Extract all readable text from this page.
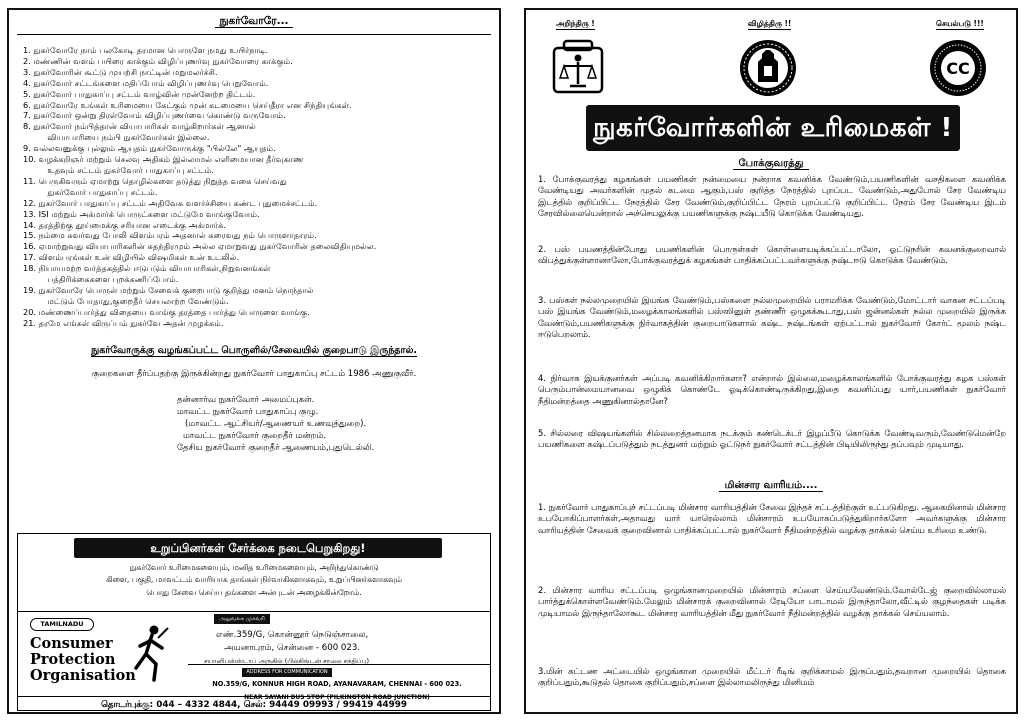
நுகர்வோரே...
1. நுகர்வோரே நாம் பலகோடி தரமான பொருளே நமது உயிர்நாடி.
2. மண்ணின் வளம் பயிரை காக்கும் விழிப்புணர்வு நுகர்வோரை காக்கும்.
3. நுகர்வோரின் கூட்டு முயற்சி நாட்டின் மறுமலர்ச்சி.
4. நுகர்வோர் சட்டங்களை மதிப்போம் விழிப்புணர்வு பெறுவோம்.
5. நுகர்வோர் பாதுகாப்பு சட்டம் வாழ்வின் முன்னேற்ற திட்டம்.
6. நுகர்வோரே உங்கள் உரிமையை கேட்கும் முன் கடமையை செய்தீரா என சிந்தியுங்கள்.
7. நுகர்வோர் ஒன்று திரள்வோம் விழிப்புணர்வை கொண்டு வருவோம்.
8. நுகர்வோர் நம்பித்தான் வியாபாரிகள் வாழ்கிறார்கள் ஆனால்
வியாபாரியை நம்பி நுகர்வோர்கள் இல்லை.
9. வல்லவனுக்கு புல்லும் ஆயுதம் நுகர்வோருக்கு "பில்லே" ஆயுதம்.
10. வழக்கறிஞர் மற்றும் செலவு அதிகம் இல்லாமல் எளிமையான தீர்வுகாண
உதவும் சட்டம் நுகர்வோர் பாதுகாப்பு சட்டம்.
11. பெருகிவரும் ஏமாற்று தொழில்களை தடுத்து நிறுத்த வகை செய்வது
நுகர்வோர் பாதுகாப்பு சட்டம்.
12. நுகர்வோர் பாதுகாப்பு சட்டம் அதிவேக வளர்ச்சியை கண்ட புதுமைச்சட்டம்.
13. ISI மற்றும் அக்மார்க் பொருட்களை மட்டுமே வாங்குவோம்.
14. தரத்திற்கு தூய்மைக்கு சரியான எடைக்கு அக்மார்க்.
15. நம்மை சுவர்வது போலி விளம்பரம் அதனால் சுரைவது நம் பொருளாதாரம்.
16. ஏமாற்றுவது வியாபாரிகளின் சுதந்திரமும் அல்ல ஏமாறுவது நுகர்வோரின் தலைவிதியுமல்ல.
17. விளம்பரங்கள் உன் விழியில் விஷமிகள் உன் உடலில்.
18. நியாயமற்ற வர்த்தகத்தில் ஈடுபடும் வியாபாரிகள்,நிறுவனங்கள்
பத்திரிக்கைகளை புறக்கணிப்போம்.
19. நுகர்வோரே பொருள் மற்றும் சேவைக் குறைபாடு குறித்து மனம் நொந்தால்
மட்டும் போதாது,குறைதீர் செயலாற்ற வேண்டும்.
20. மண்ணைப்பார்த்து விதையை வாங்கு தரத்தை பார்த்து பொருளை வாங்கு.
21. தரமே எங்கள் விருப்பம் நுகர்வே அதன் முழக்கம்.
நுகர்வோருக்கு வழங்கப்பட்ட பொருளில்/சேவையில் குறைபாடு இருந்தால்.
குறைகளை தீர்ப்பதற்கு இருக்கின்றது நுகர்வோர் பாதுகாப்பு சட்டம் 1986 அணுகுவீர்.
தன்னார்வ நுகர்வோர் அமைப்புகள்.
மாவட்ட நுகர்வோர் பாதுகாப்பு குழு.
(மாவட்ட ஆட்சியர்/ஆணையர் உணவுத்துறை).
மாவட்ட நுகர்வோர் குறைதீர் மன்றம்.
தேசிய நுகர்வோர் குறைதீர் ஆணையம்,புதுடெல்லி.
உறுப்பினர்கள் சேர்க்கை நடைபெறுகிறது!
நுகர்வோர் உரிமைகளையும், மனித உரிமைகளையும், அறிந்துகொண்டு
கிளை, பகுதி, மாவட்டம் வாரியாக தாங்கள் நிர்வாகிகளாகவும், உறுப்பினர்களாகவும்
பொது சேவை செய்ய தங்களை அன்புடன் அழைக்கின்றோம்.
TAMILNADU
Consumer
Protection
Organisation
அலுவலக முகவரி
எண்.359/G, கொன்னூர் நெடுஞ்சாலை,
அயனாபுரம், சென்னை - 600 023.
சயானிபஸ்ஸ்டாப் அருகில் (பில்கிங்டன் சாலை சந்திப்பு)
ADDRESS FOR COMMUNICATION
NO.359/G, KONNUR HIGH ROAD, AYANAVARAM, CHENNAI - 600 023.
NEAR SAYANI BUS STOP (PILKINGTON ROAD JUNCTION)
தொடர்புக்கு: 044 – 4332 4844, செல்: 94449 09993 / 99419 44999
அறிந்திரு !	விழித்திரு !!	செயல்படு !!!
CC
நுகர்வோர்களின் உரிமைகள் !
போக்குவரத்து

1. போக்குவரத்து கழகங்கள் பயணிகள் நன்மையை நன்றாக கவனிக்க வேண்டும்,பயணிகளின் வசதிகளை கவனிக்க வேண்டியது அவர்களின் முதல் கடமை ஆகும்,பஸ் குறித்த நேரத்தில் புறப்பட வேண்டும்,அதுபோல் சேர வேண்டிய இடத்தில் குறிப்பிட்ட நேரத்தில் சேர வேண்டும்,குறிப்பிட்ட நேரம் புறப்பட்டு குறிப்பிட்ட நேரம் சேர வேண்டிய இடம் சேரவில்லையென்றால் அச்செயலுக்கு பயணிகளுக்கு நஷ்டயீடு கொடுக்க வேண்டியது.

2. பஸ் பயணத்தின்போது பயணிகளின் பொருள்கள் கொள்ளையடிக்கப்பட்டாலோ, ஓட்டுநரின் கவனக்குறைவால் விபத்துக்குள்ளானாலோ,போக்குவரத்துக் கழகங்கள் பாதிக்கப்பட்டவர்களுக்கு நஷ்டஈடு கொடுக்க வேண்டும்.

3. பஸ்கள் நல்லமுறையில் இயங்க வேண்டும்,பஸ்களை நல்லமுறையில் பராமரிக்க வேண்டும்,மோட்டார் வாகன சட்டப்படி பஸ் இயங்க வேண்டும்,மழைக்காலங்களில் பஸ்ஸினுள் தண்ணீர் ஒழுகக்கூடாது,பஸ் ஜன்னல்கள் நல்ல முறையில் இருக்க வேண்டும்,பயணிகளுக்கு நிர்வாகத்தின் குறைபாடுகளால் கஷ்ட நஷ்டங்கள் ஏற்பட்டால் நுகர்வோர் கோர்ட் மூலம் நஷ்ட ஈடுபெறலாம்.

4. நிர்வாக இயக்குனர்கள் அப்படி கவனிக்கிறார்களா? என்றால் இல்லை,மழைக்காலங்களில் போக்குவரத்து கழக பஸ்கள் பெரும்பான்மையானவை ஒழுகிக் கொண்டே ஓடிக்கொண்டிருக்கிறது,இதை கவனிப்பது யார்,பயணிகள் நுகர்வோர் நீதிமன்றத்தை அணுகினால்தானே?

5. சில்லரை விஷயங்களில் சில்லறைத்தனமாக நடக்கும் கண்டெக்டர் இழப்பீடு கொடுக்க வேண்டிவரும்,வேண்டுமென்றே பயணிகளை கஷ்டப்படுத்தும் நடத்துனர் மற்றும் ஓட்டுநர் நுகர்வோர் சட்டத்தின் பிடியிலிருந்து தப்பவும் முடியாது.

மின்சார வாரியம்....

1. நுகர்வோர் பாதுகாப்புச் சட்டப்படி மின்சார வாரியத்தின் சேவை இந்தச் சட்டத்திற்குள் உட்படுகிறது. ஆகையினால் மின்சார உபயோகிப்பாளர்கள்,அதாவது யார் யாரெல்லாம் மின்சாரம் உபயோகப்படுத்துகிறார்களோ அவர்களுக்கு மின்சார வாரியத்தின் சேவைக் குறைவினால் பாதிக்கப்பட்டால் நுகர்வோர் நீதிமன்றத்தில் வழக்கு தாக்கல் செய்ய உரிமை உண்டு.

2. மின்சார வாரிய சட்டப்படி ஒழுங்கானமுறையில் மின்சாரம் சப்ளை செய்யவேண்டும்.வோல்டேஜ் குறைவில்லாமல் பார்த்துக்கொள்ளவேண்டும்.மேலும் மின்சாரக் குறைவினால் ரேடியோ பாடாமல் இருந்தாலோ,வீட்டில் குழந்தைகள் படிக்க முடியாமல் இருந்தாலோகூட மின்சார வாரியத்தின் மீது நுகர்வோர் நீதிமன்றத்தில் வழக்கு தாக்கல் செய்யலாம்.

3.மின் கட்டண அட்டையில் ஒழுங்கான முறையில் மீட்டர் ரீடிங் குறிக்காமல் இருப்பதும்,தவறான முறையில் தொகை குறிப்பதும்,கூடுதல் தொகை குறிப்பதும்,சப்ளை இல்லாமலிருந்து மினிமம்
